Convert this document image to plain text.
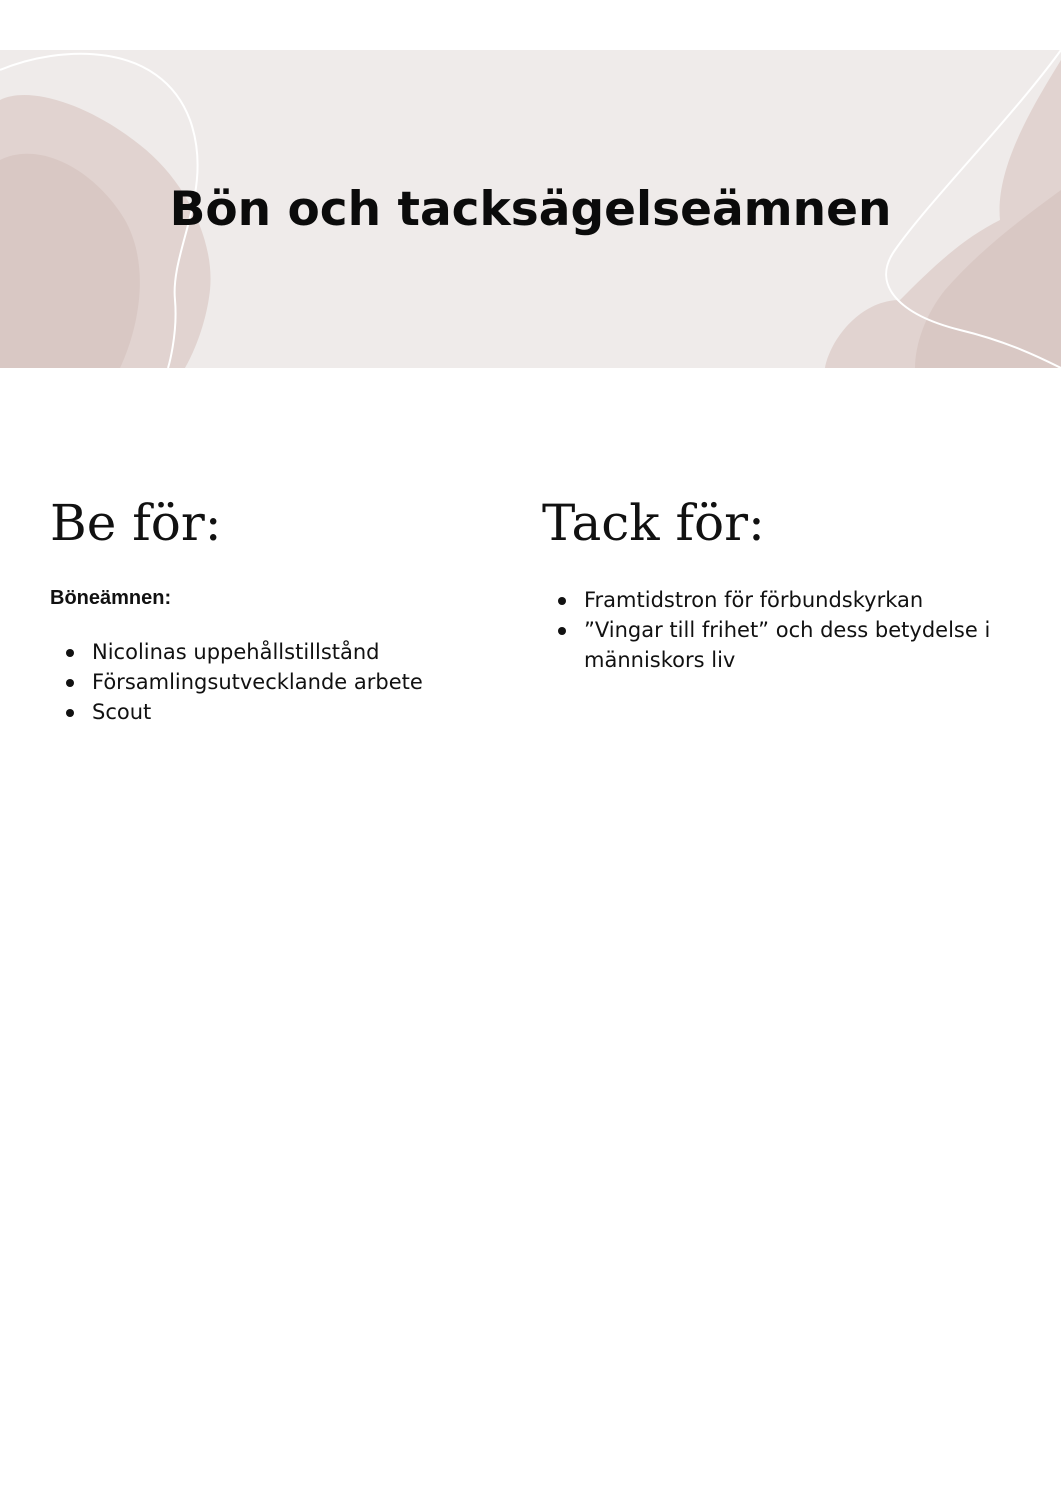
Bön och tacksägelseämnen
Be för:
Böneämnen:
Nicolinas uppehållstillstånd
Församlingsutvecklande arbete
Scout
Tack för:
Framtidstron för förbundskyrkan
”Vingar till frihet” och dess betydelse i människors liv
